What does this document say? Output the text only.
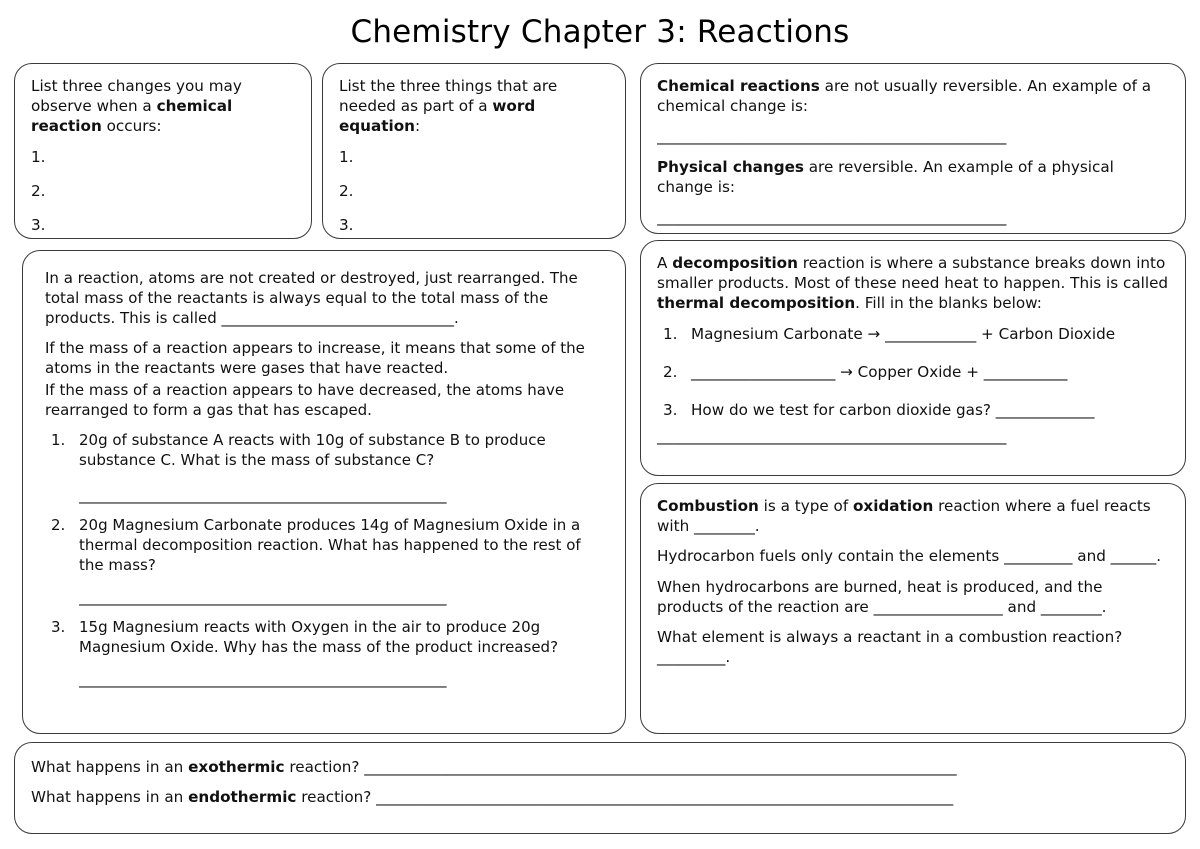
Chemistry Chapter 3: Reactions

List three changes you may observe when a chemical reaction occurs:

1.
2.
3.

List the three things that are needed as part of a word equation:

1.
2.
3.

Chemical reactions are not usually reversible. An example of a chemical change is:

______________________________________________

Physical changes are reversible. An example of a physical change is:

______________________________________________

In a reaction, atoms are not created or destroyed, just rearranged. The total mass of the reactants is always equal to the total mass of the products. This is called _______________________________.

If the mass of a reaction appears to increase, it means that some of the atoms in the reactants were gases that have reacted.

If the mass of a reaction appears to have decreased, the atoms have rearranged to form a gas that has escaped.

20g of substance A reacts with 10g of substance B to produce substance C. What is the mass of substance C?
_________________________________________________
20g Magnesium Carbonate produces 14g of Magnesium Oxide in a thermal decomposition reaction. What has happened to the rest of the mass?
_________________________________________________
15g Magnesium reacts with Oxygen in the air to produce 20g Magnesium Oxide. Why has the mass of the product increased?
_________________________________________________

A decomposition reaction is where a substance breaks down into smaller products. Most of these need heat to happen. This is called thermal decomposition. Fill in the blanks below:

Magnesium Carbonate → ____________ + Carbon Dioxide
___________________ → Copper Oxide + ___________
How do we test for carbon dioxide gas? _____________

______________________________________________

Combustion is a type of oxidation reaction where a fuel reacts with ________.

Hydrocarbon fuels only contain the elements _________ and ______.

When hydrocarbons are burned, heat is produced, and the products of the reaction are _________________ and ________.

What element is always a reactant in a combustion reaction? _________.

What happens in an exothermic reaction? ______________________________________________________________________________

What happens in an endothermic reaction? ____________________________________________________________________________
